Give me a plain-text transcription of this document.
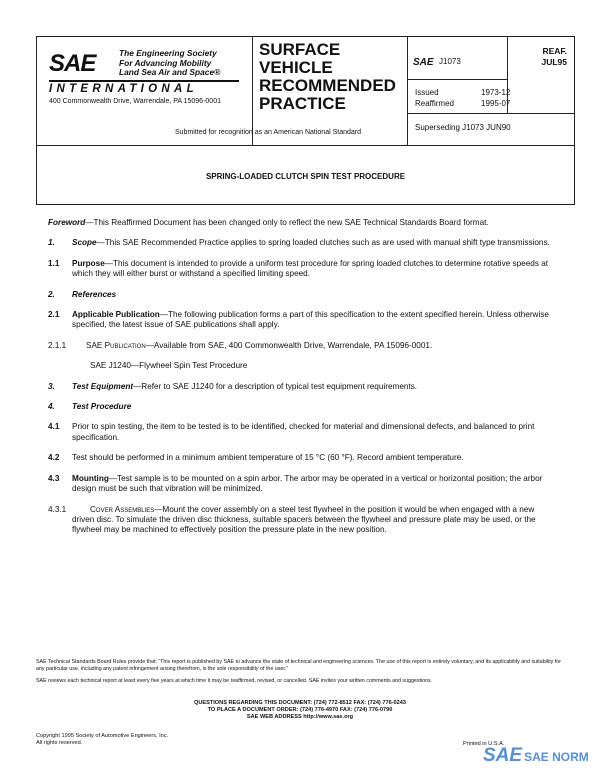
SAE	The Engineering Society
For Advancing Mobility
Land Sea Air and Space®
INTERNATIONAL
400 Commonwealth Drive, Warrendale, PA 15096-0001
Submitted for recognition as an American National Standard
SURFACE
VEHICLE
RECOMMENDED
PRACTICE
SAE J1073
Issued	1973-12
Reaffirmed	1995-07
Superseding J1073 JUN90
REAF.
JUL95
SPRING-LOADED CLUTCH SPIN TEST PROCEDURE

Foreword—This Reaffirmed Document has been changed only to reflect the new SAE Technical Standards Board format.

1. Scope—This SAE Recommended Practice applies to spring loaded clutches such as are used with manual shift type transmissions.
1.1 Purpose—This document is intended to provide a uniform test procedure for spring loaded clutches to determine rotative speeds at which they will either burst or withstand a specified limiting speed.
2. References
2.1 Applicable Publication—The following publication forms a part of this specification to the extent specified herein. Unless otherwise specified, the latest issue of SAE publications shall apply.
2.1.1 SAE Publication—Available from SAE, 400 Commonwealth Drive, Warrendale, PA 15096-0001.
SAE J1240—Flywheel Spin Test Procedure
3. Test Equipment—Refer to SAE J1240 for a description of typical test equipment requirements.
4. Test Procedure
4.1 Prior to spin testing, the item to be tested is to be identified, checked for material and dimensional defects, and balanced to print specification.
4.2 Test should be performed in a minimum ambient temperature of 15 °C (60 °F). Record ambient temperature.
4.3 Mounting—Test sample is to be mounted on a spin arbor. The arbor may be operated in a vertical or horizontal position; the arbor design must be such that vibration will be minimized.
4.3.1	Cover Assemblies—Mount the cover assembly on a steel test flywheel in the position it would be when engaged with a new driven disc. To simulate the driven disc thickness, suitable spacers between the flywheel and pressure plate may be used, or the flywheel may be machined to effectively position the pressure plate in the new position.
SAE Technical Standards Board Rules provide that: “This report is published by SAE to advance the state of technical and engineering sciences. The use of this report is entirely voluntary, and its applicability and suitability for any particular use, including any patent infringement arising therefrom, is the sole responsibility of the user.”
SAE reviews each technical report at least every five years at which time it may be reaffirmed, revised, or cancelled. SAE invites your written comments and suggestions.
QUESTIONS REGARDING THIS DOCUMENT: (724) 772-8512 FAX: (724) 776-0243
TO PLACE A DOCUMENT ORDER: (724) 776-4970 FAX: (724) 776-0790
SAE WEB ADDRESS http://www.sae.org
Copyright 1995 Society of Automotive Engineers, Inc.
All rights reserved.	Printed in U.S.A.
SAE SAE NORM
